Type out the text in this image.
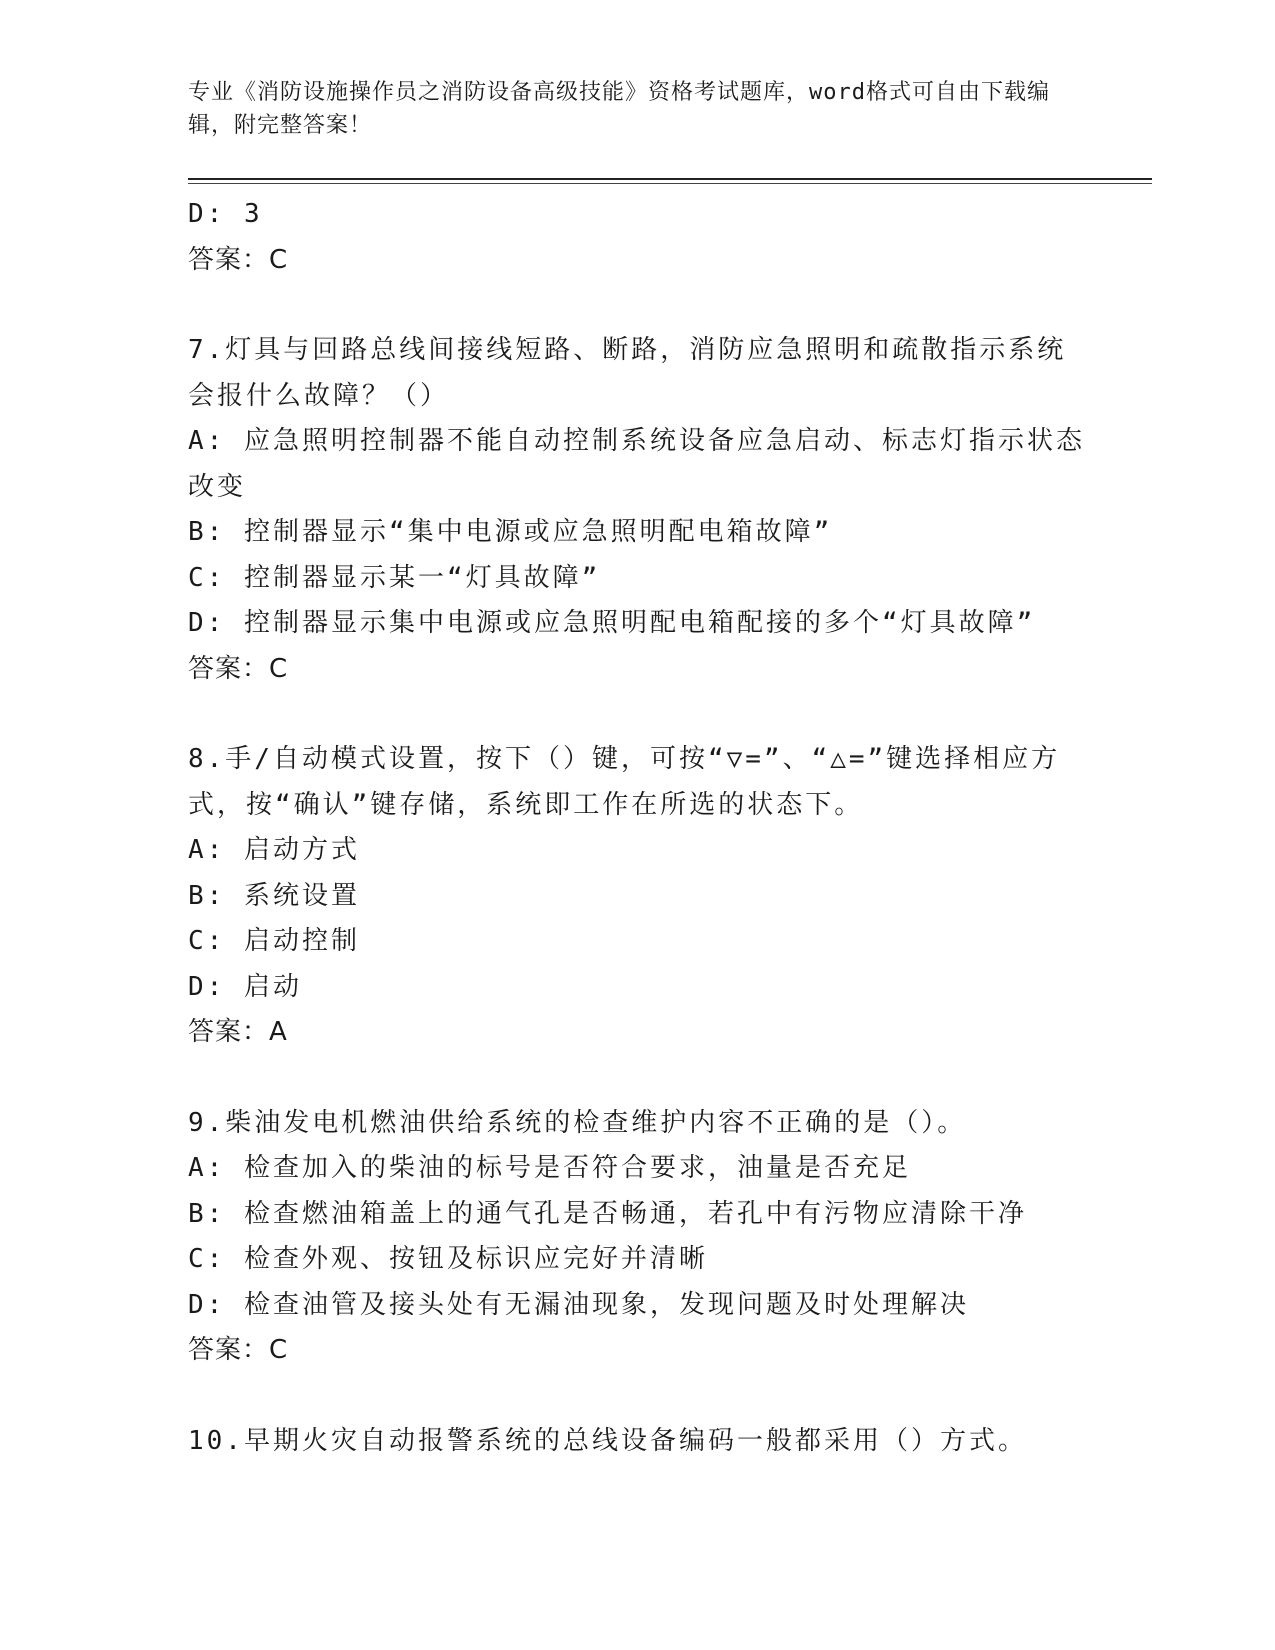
专业《消防设施操作员之消防设备高级技能》资格考试题库，word格式可自由下载编辑，附完整答案！
D: 3
答案：C
7.灯具与回路总线间接线短路、断路，消防应急照明和疏散指示系统会报什么故障？（）
A: 应急照明控制器不能自动控制系统设备应急启动、标志灯指示状态改变
B: 控制器显示“集中电源或应急照明配电箱故障”
C: 控制器显示某一“灯具故障”
D: 控制器显示集中电源或应急照明配电箱配接的多个“灯具故障”
答案：C
8.手/自动模式设置，按下（）键，可按“▽=”、“△=”键选择相应方式，按“确认”键存储，系统即工作在所选的状态下。
A: 启动方式
B: 系统设置
C: 启动控制
D: 启动
答案：A
9.柴油发电机燃油供给系统的检查维护内容不正确的是（）。
A: 检查加入的柴油的标号是否符合要求，油量是否充足
B: 检查燃油箱盖上的通气孔是否畅通，若孔中有污物应清除干净
C: 检查外观、按钮及标识应完好并清晰
D: 检查油管及接头处有无漏油现象，发现问题及时处理解决
答案：C
10.早期火灾自动报警系统的总线设备编码一般都采用（）方式。
